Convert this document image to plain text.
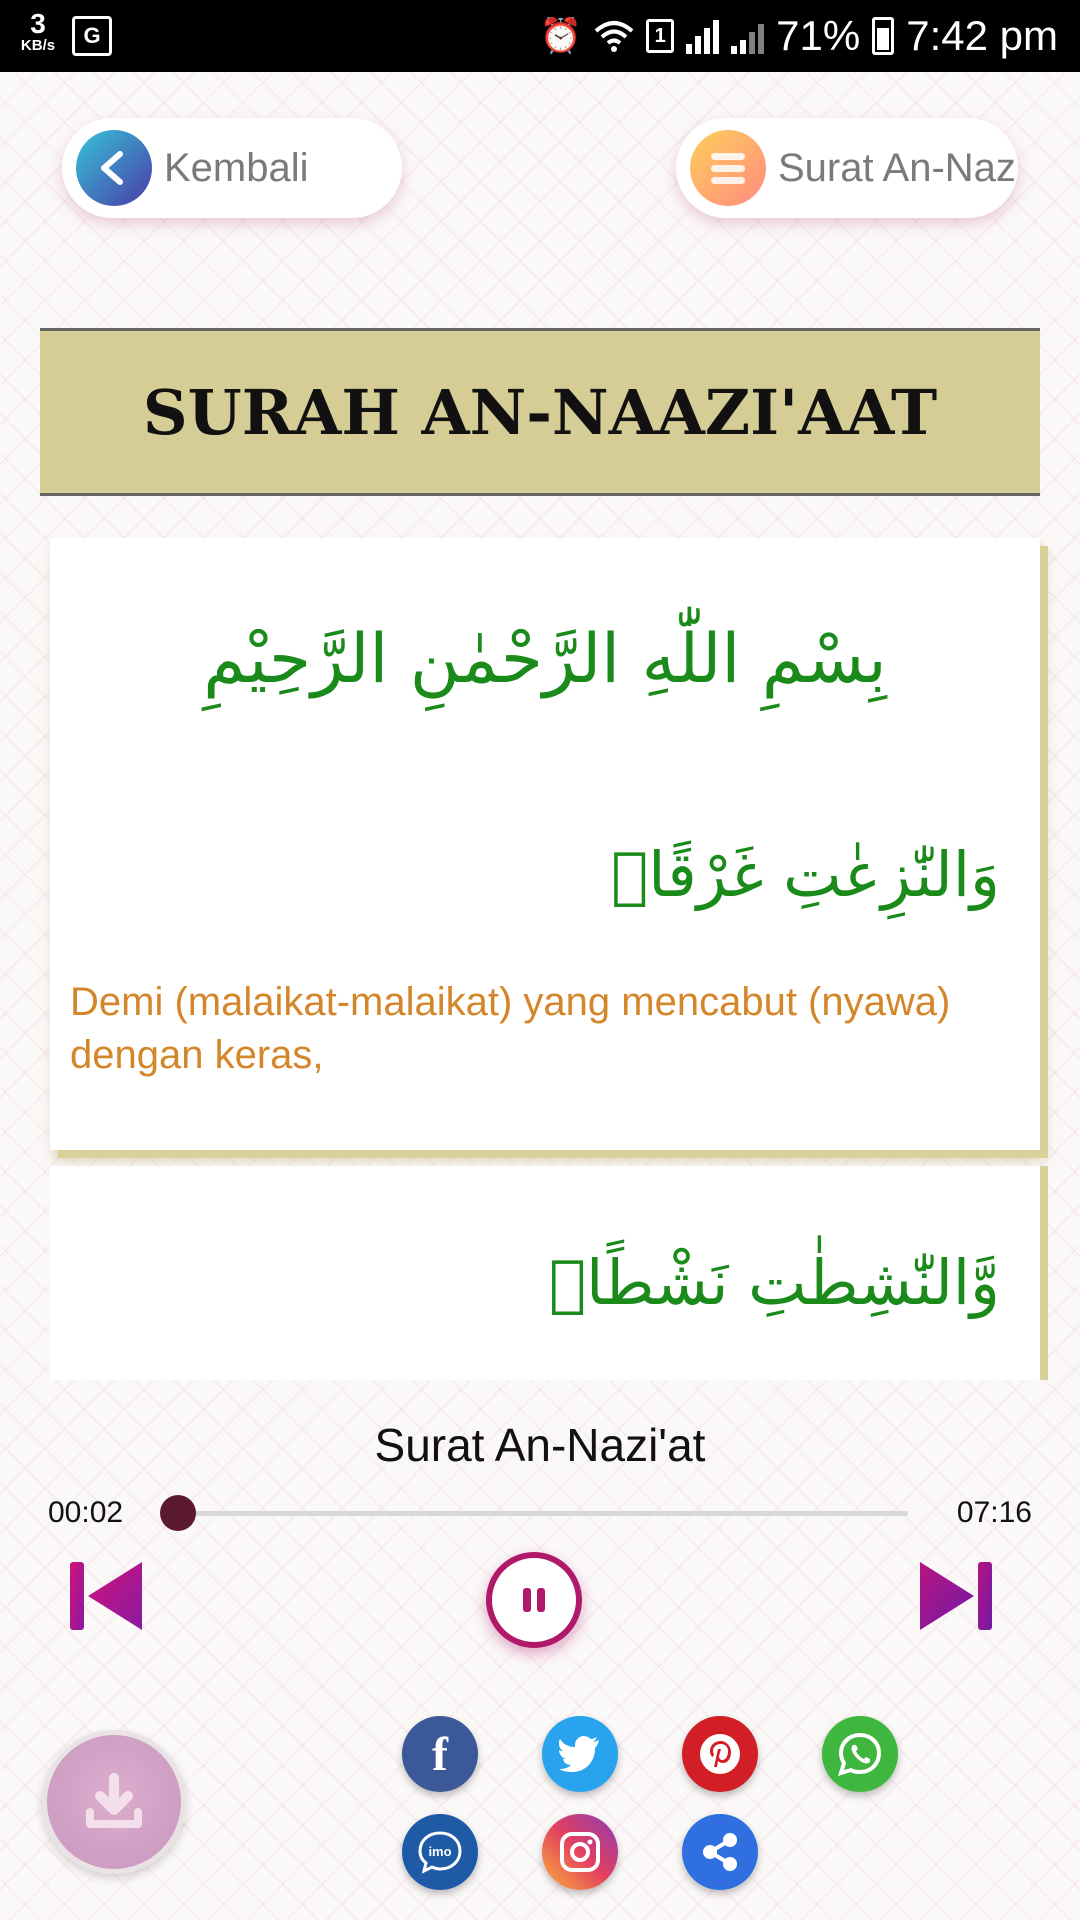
3
KB/s	G	⏰	1	71% 7:42 pm
Kembali	Surat An-Naz
SURAH AN-NAAZI'AAT
بِسْمِ اللّٰهِ الرَّحْمٰنِ الرَّحِيْمِ
وَالنّٰزِعٰتِ غَرْقًاۙ
Demi (malaikat-malaikat) yang mencabut (nyawa) dengan keras,
وَّالنّٰشِطٰتِ نَشْطًاۙ
Surat An-Nazi'at
00:02	07:16
f
imo
